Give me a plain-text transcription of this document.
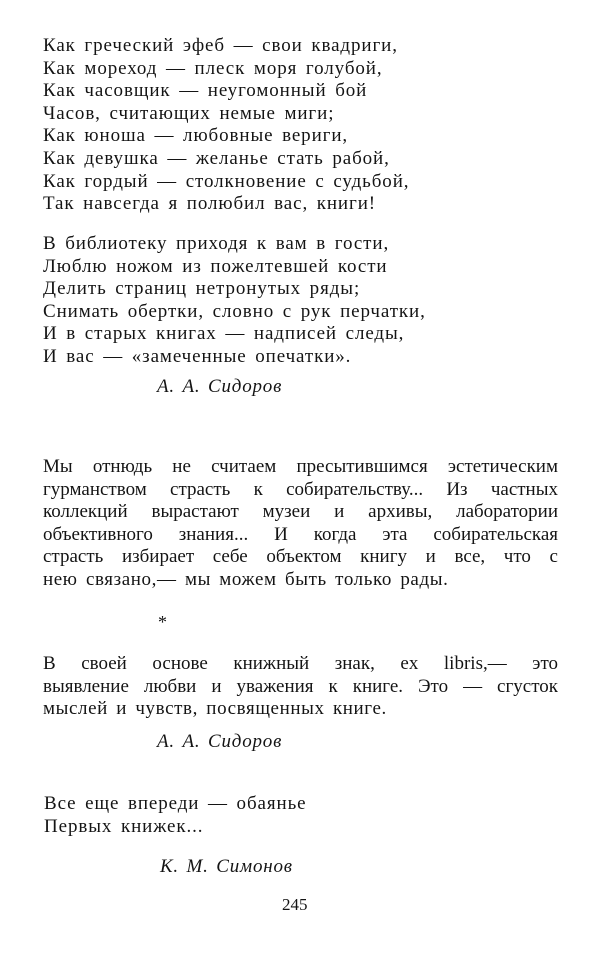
Как греческий эфеб — свои квадриги,
Как мореход — плеск моря голубой,
Как часовщик — неугомонный бой
Часов, считающих немые миги;
Как юноша — любовные вериги,
Как девушка — желанье стать рабой,
Как гордый — столкновение с судьбой,
Так навсегда я полюбил вас, книги!
В библиотеку приходя к вам в гости,
Люблю ножом из пожелтевшей кости
Делить страниц нетронутых ряды;
Снимать обертки, словно с рук перчатки,
И в старых книгах — надписей следы,
И вас — «замеченные опечатки».
А. А. Сидоров
Мы отнюдь не считаем пресытившимся эстетическим
гурманством страсть к собирательству... Из частных
коллекций вырастают музеи и архивы, лаборатории
объективного знания... И когда эта собирательская
страсть избирает себе объектом книгу и все, что с
нею связано,— мы можем быть только рады.
*
В своей основе книжный знак, ex libris,— это
выявление любви и уважения к книге. Это — сгусток
мыслей и чувств, посвященных книге.
А. А. Сидоров
Все еще впереди — обаянье
Первых книжек...
К. М. Симонов
245
